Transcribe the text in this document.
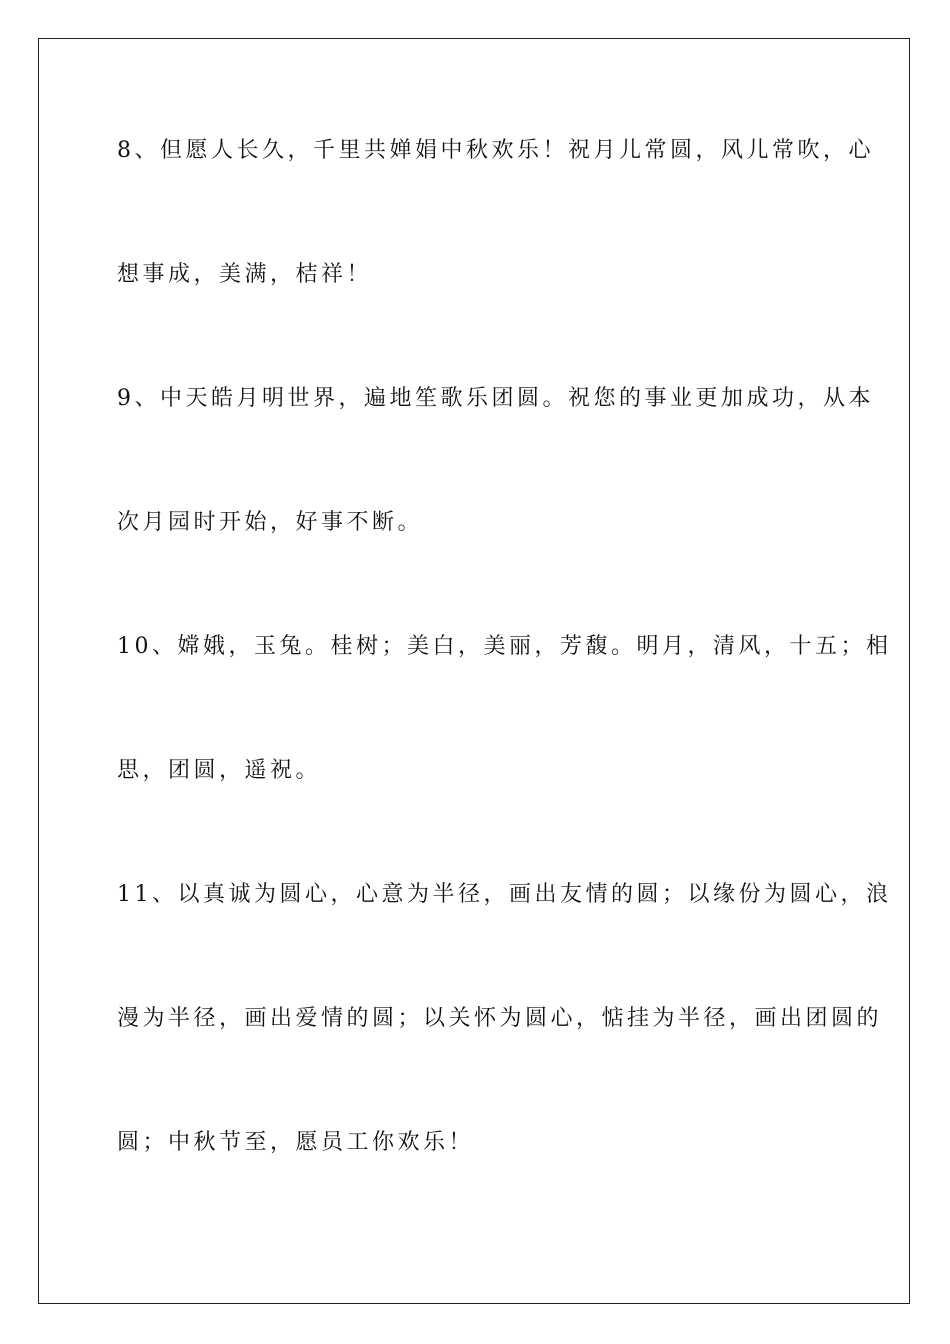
8、但愿人长久，千里共婵娟中秋欢乐！祝月儿常圆，风儿常吹，心
想事成，美满，桔祥！
9、中天皓月明世界，遍地笙歌乐团圆。祝您的事业更加成功，从本
次月园时开始，好事不断。
10、嫦娥，玉兔。桂树；美白，美丽，芳馥。明月，清风，十五；相
思，团圆，遥祝。
11、以真诚为圆心，心意为半径，画出友情的圆；以缘份为圆心，浪
漫为半径，画出爱情的圆；以关怀为圆心，惦挂为半径，画出团圆的
圆；中秋节至，愿员工你欢乐！
